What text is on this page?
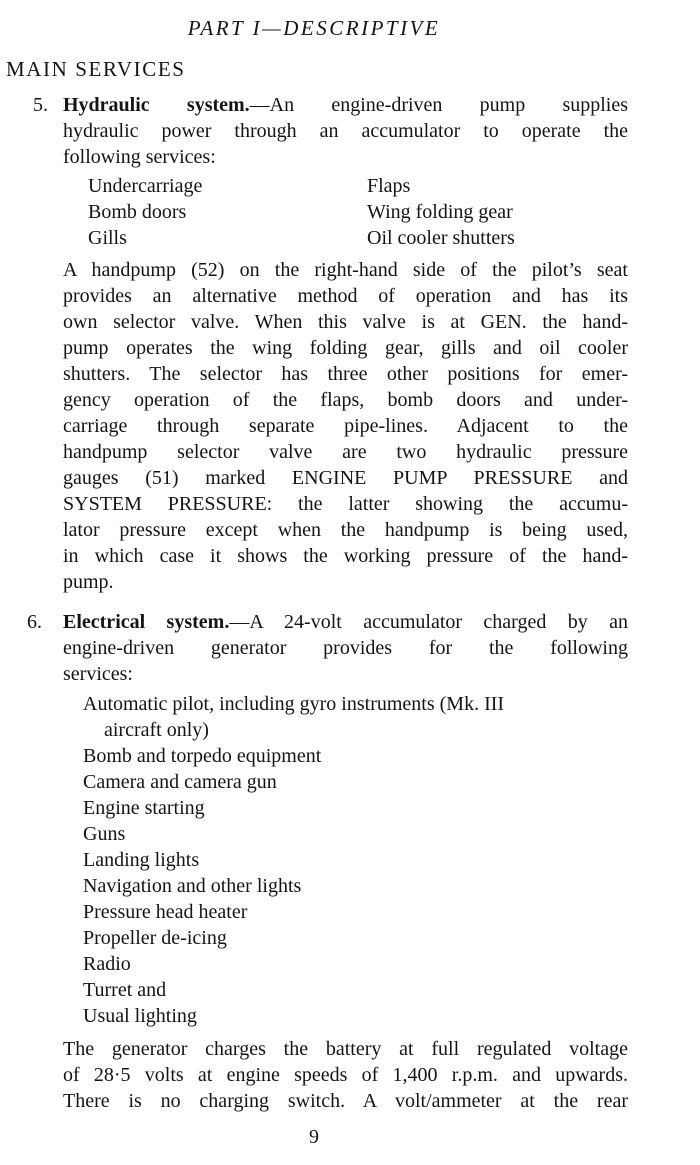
PART I—DESCRIPTIVE
MAIN SERVICES
5. Hydraulic system.—An engine-driven pump supplies
hydraulic power through an accumulator to operate the
following services:
Undercarriage
Bomb doors
Gills
Flaps
Wing folding gear
Oil cooler shutters
A handpump (52) on the right-hand side of the pilot’s seat
provides an alternative method of operation and has its
own selector valve. When this valve is at GEN. the hand-
pump operates the wing folding gear, gills and oil cooler
shutters. The selector has three other positions for emer-
gency operation of the flaps, bomb doors and under-
carriage through separate pipe-lines. Adjacent to the
handpump selector valve are two hydraulic pressure
gauges (51) marked ENGINE PUMP PRESSURE and
SYSTEM PRESSURE: the latter showing the accumu-
lator pressure except when the handpump is being used,
in which case it shows the working pressure of the hand-
pump.
6. Electrical system.—A 24-volt accumulator charged by an
engine-driven generator provides for the following
services:
Automatic pilot, including gyro instruments (Mk. III
aircraft only)
Bomb and torpedo equipment
Camera and camera gun
Engine starting
Guns
Landing lights
Navigation and other lights
Pressure head heater
Propeller de-icing
Radio
Turret and
Usual lighting
The generator charges the battery at full regulated voltage
of 28·5 volts at engine speeds of 1,400 r.p.m. and upwards.
There is no charging switch. A volt/ammeter at the rear
9
